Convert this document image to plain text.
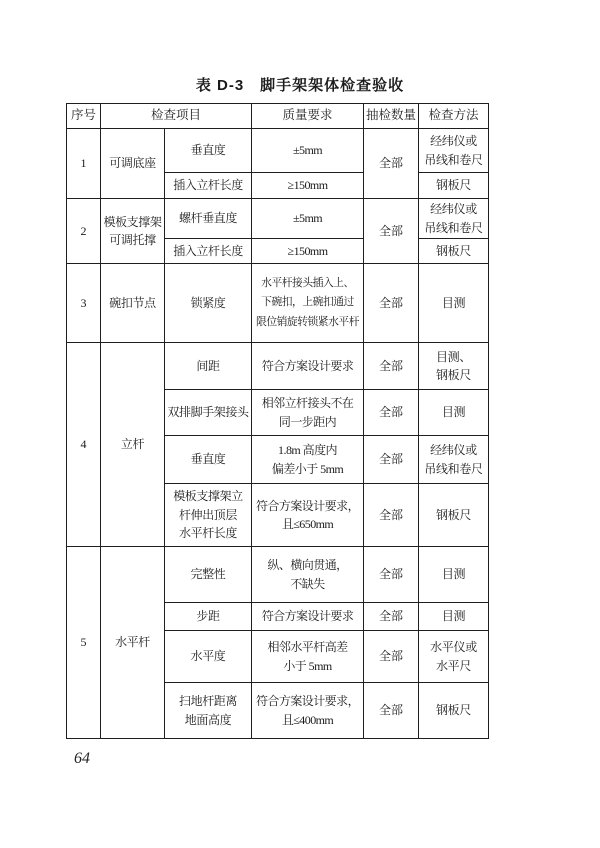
表 D-3　脚手架架体检查验收
序号	检查项目		质量要求	抽检数量	检查方法
1	可调底座	垂直度	±5mm	全部	经纬仪或
吊线和卷尺
		插入立杆长度	≥150mm		钢板尺
2	模板支撑架
可调托撑	螺杆垂直度	±5mm	全部	经纬仪或
吊线和卷尺
		插入立杆长度	≥150mm		钢板尺
3	碗扣节点	锁紧度	水平杆接头插入上、
下碗扣，上碗扣通过
限位销旋转锁紧水平杆	全部	目测
4	立杆	间距	符合方案设计要求	全部	目测、
钢板尺
		双排脚手架接头	相邻立杆接头不在
同一步距内	全部	目测
		垂直度	1.8m 高度内
偏差小于 5mm	全部	经纬仪或
吊线和卷尺
		模板支撑架立
杆伸出顶层
水平杆长度	符合方案设计要求，
且≤650mm	全部	钢板尺
5	水平杆	完整性	纵、横向贯通，
不缺失	全部	目测
		步距	符合方案设计要求	全部	目测
		水平度	相邻水平杆高差
小于 5mm	全部	水平仪或
水平尺
		扫地杆距离
地面高度	符合方案设计要求，
且≤400mm	全部	钢板尺
64
